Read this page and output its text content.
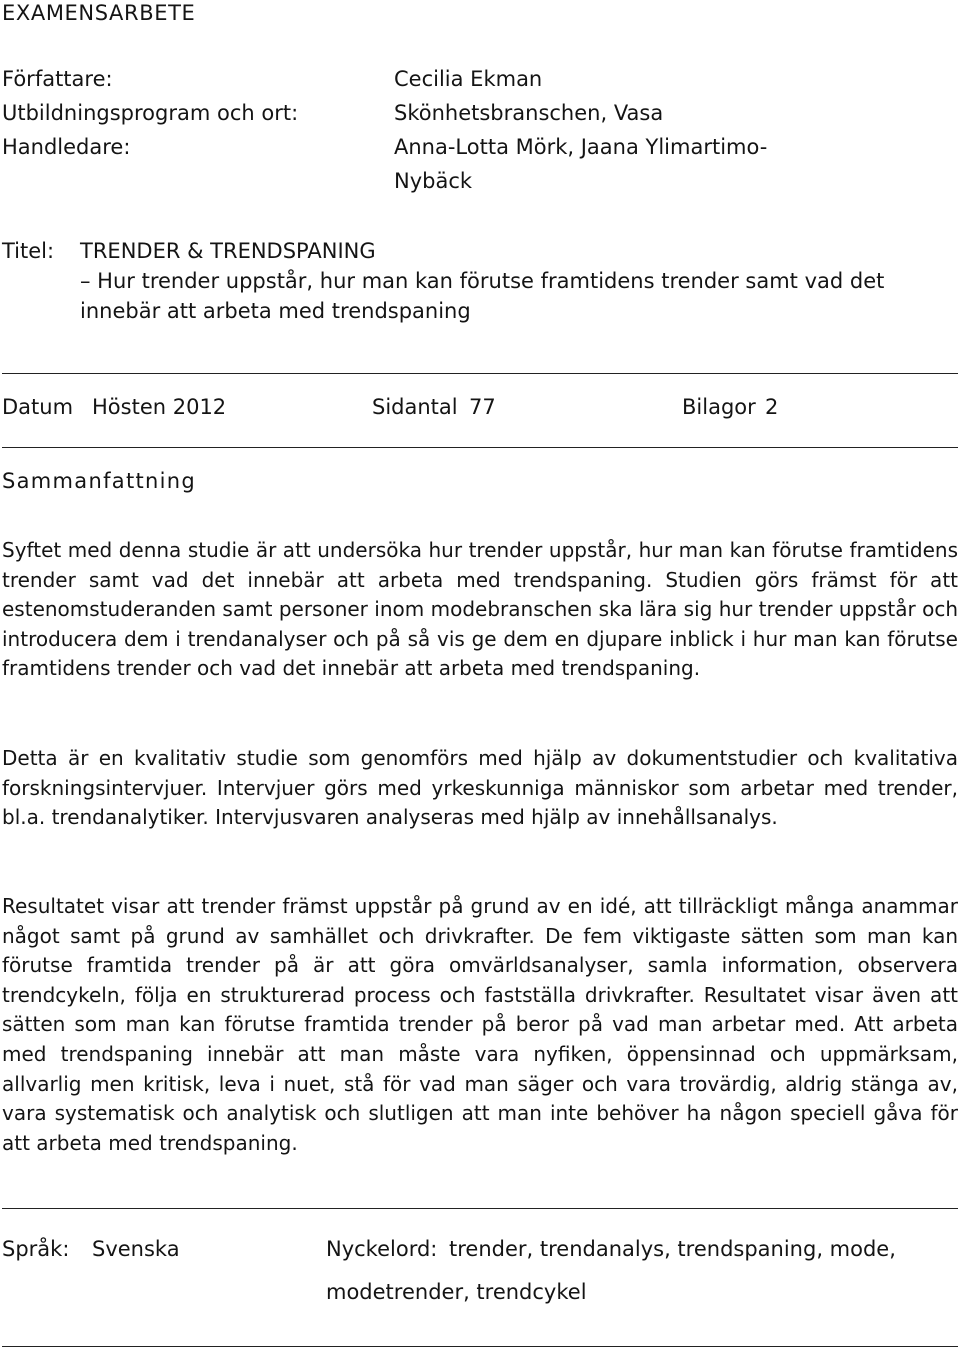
EXAMENSARBETE
Författare:	Cecilia Ekman
Utbildningsprogram och ort:	Skönhetsbranschen, Vasa
Handledare:	Anna-Lotta Mörk, Jaana Ylimartimo-Nybäck
Titel: TRENDER & TRENDSPANING
– Hur trender uppstår, hur man kan förutse framtidens trender samt vad det innebär att arbeta med trendspaning
Datum Hösten 2012	Sidantal 77	Bilagor 2
Sammanfattning
Syftet med denna studie är att undersöka hur trender uppstår, hur man kan förutse framtidens trender samt vad det innebär att arbeta med trendspaning. Studien görs främst för att estenomstuderanden samt personer inom modebranschen ska lära sig hur trender uppstår och introducera dem i trendanalyser och på så vis ge dem en djupare inblick i hur man kan förutse framtidens trender och vad det innebär att arbeta med trendspaning.
Detta är en kvalitativ studie som genomförs med hjälp av dokumentstudier och kvalitativa forskningsintervjuer. Intervjuer görs med yrkeskunniga människor som arbetar med trender, bl.a. trendanalytiker. Intervjusvaren analyseras med hjälp av innehållsanalys.
Resultatet visar att trender främst uppstår på grund av en idé, att tillräckligt många anammar något samt på grund av samhället och drivkrafter. De fem viktigaste sätten som man kan förutse framtida trender på är att göra omvärldsanalyser, samla information, observera trendcykeln, följa en strukturerad process och fastställa drivkrafter. Resultatet visar även att sätten som man kan förutse framtida trender på beror på vad man arbetar med. Att arbeta med trendspaning innebär att man måste vara nyfiken, öppensinnad och uppmärksam, allvarlig men kritisk, leva i nuet, stå för vad man säger och vara trovärdig, aldrig stänga av, vara systematisk och analytisk och slutligen att man inte behöver ha någon speciell gåva för att arbeta med trendspaning.
Språk: Svenska	Nyckelord: trender, trendanalys, trendspaning, mode,
modetrender, trendcykel
